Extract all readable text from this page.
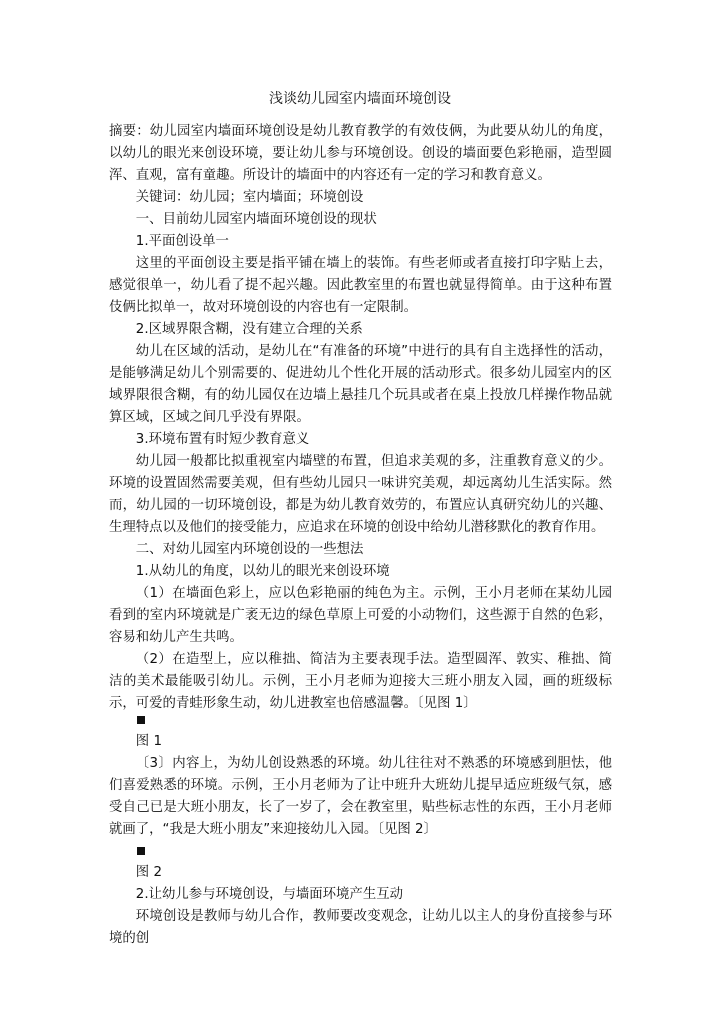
浅谈幼儿园室内墙面环境创设
摘要：幼儿园室内墙面环境创设是幼儿教育教学的有效伎俩，为此要从幼儿的角度，以幼儿的眼光来创设环境，要让幼儿参与环境创设。创设的墙面要色彩艳丽，造型圆浑、直观，富有童趣。所设计的墙面中的内容还有一定的学习和教育意义。
关键词：幼儿园；室内墙面；环境创设
一、目前幼儿园室内墙面环境创设的现状
1.平面创设单一
这里的平面创设主要是指平铺在墙上的装饰。有些老师或者直接打印字贴上去，感觉很单一，幼儿看了提不起兴趣。因此教室里的布置也就显得简单。由于这种布置伎俩比拟单一，故对环境创设的内容也有一定限制。
2.区域界限含糊，没有建立合理的关系
幼儿在区域的活动，是幼儿在“有准备的环境”中进行的具有自主选择性的活动，是能够满足幼儿个别需要的、促进幼儿个性化开展的活动形式。很多幼儿园室内的区域界限很含糊，有的幼儿园仅在边墙上悬挂几个玩具或者在桌上投放几样操作物品就算区域，区域之间几乎没有界限。
3.环境布置有时短少教育意义
幼儿园一般都比拟重视室内墙壁的布置，但追求美观的多，注重教育意义的少。环境的设置固然需要美观，但有些幼儿园只一味讲究美观，却远离幼儿生活实际。然而，幼儿园的一切环境创设，都是为幼儿教育效劳的，布置应认真研究幼儿的兴趣、生理特点以及他们的接受能力，应追求在环境的创设中给幼儿潜移默化的教育作用。
二、对幼儿园室内环境创设的一些想法
1.从幼儿的角度，以幼儿的眼光来创设环境
（1）在墙面色彩上，应以色彩艳丽的纯色为主。示例，王小月老师在某幼儿园看到的室内环境就是广袤无边的绿色草原上可爱的小动物们，这些源于自然的色彩，容易和幼儿产生共鸣。
（2）在造型上，应以稚拙、简洁为主要表现手法。造型圆浑、敦实、稚拙、简洁的美术最能吸引幼儿。示例，王小月老师为迎接大三班小朋友入园，画的班级标示，可爱的青蛙形象生动，幼儿进教室也倍感温馨。〔见图 1〕
图 1
〔3〕内容上，为幼儿创设熟悉的环境。幼儿往往对不熟悉的环境感到胆怯，他们喜爱熟悉的环境。示例，王小月老师为了让中班升大班幼儿提早适应班级气氛，感受自己已是大班小朋友，长了一岁了，会在教室里，贴些标志性的东西，王小月老师就画了，“我是大班小朋友”来迎接幼儿入园。〔见图 2〕
图 2
2.让幼儿参与环境创设，与墙面环境产生互动
环境创设是教师与幼儿合作，教师要改变观念，让幼儿以主人的身份直接参与环境的创
